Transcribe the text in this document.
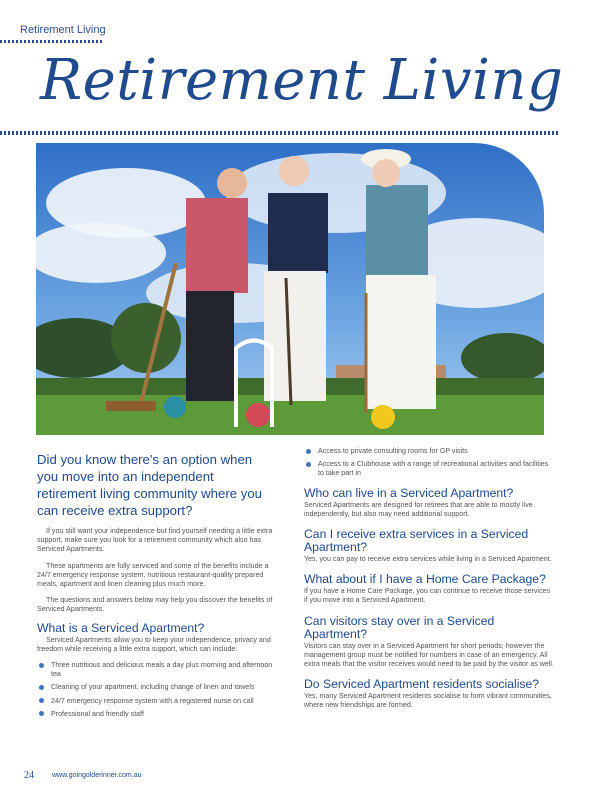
Retirement Living
Retirement Living
Did you know there's an option when you move into an independent retirement living community where you can receive extra support?

If you still want your independence but find yourself needing a little extra support, make sure you look for a retirement community which also has Serviced Apartments.

These apartments are fully serviced and some of the benefits include a 24/7 emergency response system, nutritious restaurant-quality prepared meals, apartment and linen cleaning plus much more.

The questions and answers below may help you discover the benefits of Serviced Apartments.

What is a Serviced Apartment?

Serviced Apartments allow you to keep your independence, privacy and freedom while receiving a little extra support, which can include:

Three nutritious and delicious meals a day plus morning and afternoon tea
Cleaning of your apartment, including change of linen and towels
24/7 emergency response system with a registered nurse on call
Professional and friendly staff
Access to private consulting rooms for GP visits
Access to a Clubhouse with a range of recreational activities and facilities to take part in
Who can live in a Serviced Apartment?

Serviced Apartments are designed for retirees that are able to mostly live independently, but also may need additional support.

Can I receive extra services in a Serviced Apartment?

Yes, you can pay to receive extra services while living in a Serviced Apartment.

What about if I have a Home Care Package?

If you have a Home Care Package, you can continue to receive those services if you move into a Serviced Apartment.

Can visitors stay over in a Serviced Apartment?

Visitors can stay over in a Serviced Apartment for short periods; however the management group must be notified for numbers in case of an emergency. All extra meals that the visitor receives would need to be paid by the visitor as well.

Do Serviced Apartment residents socialise?

Yes, many Serviced Apartment residents socialise to form vibrant communities, where new friendships are formed.

24	www.goingolderinner.com.au
